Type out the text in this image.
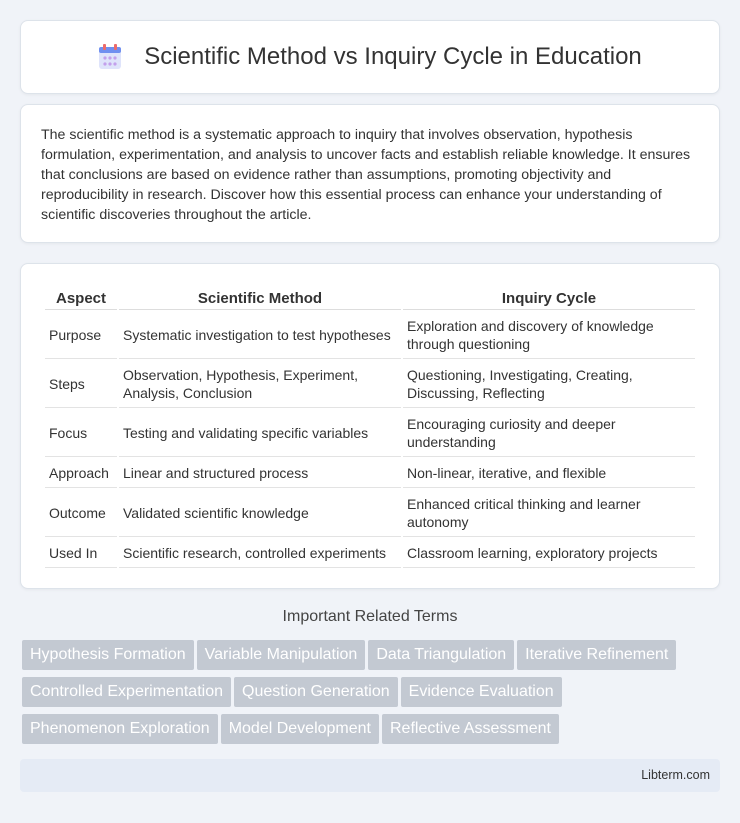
Scientific Method vs Inquiry Cycle in Education

The scientific method is a systematic approach to inquiry that involves observation, hypothesis formulation, experimentation, and analysis to uncover facts and establish reliable knowledge. It ensures that conclusions are based on evidence rather than assumptions, promoting objectivity and reproducibility in research. Discover how this essential process can enhance your understanding of scientific discoveries throughout the article.

Aspect	Scientific Method	Inquiry Cycle
Purpose	Systematic investigation to test hypotheses	Exploration and discovery of knowledge through questioning
Steps	Observation, Hypothesis, Experiment, Analysis, Conclusion	Questioning, Investigating, Creating, Discussing, Reflecting
Focus	Testing and validating specific variables	Encouraging curiosity and deeper understanding
Approach	Linear and structured process	Non-linear, iterative, and flexible
Outcome	Validated scientific knowledge	Enhanced critical thinking and learner autonomy
Used In	Scientific research, controlled experiments	Classroom learning, exploratory projects
Important Related Terms
Hypothesis Formation Variable Manipulation Data Triangulation Iterative Refinement
Controlled Experimentation Question Generation Evidence Evaluation
Phenomenon Exploration Model Development Reflective Assessment
Libterm.com
